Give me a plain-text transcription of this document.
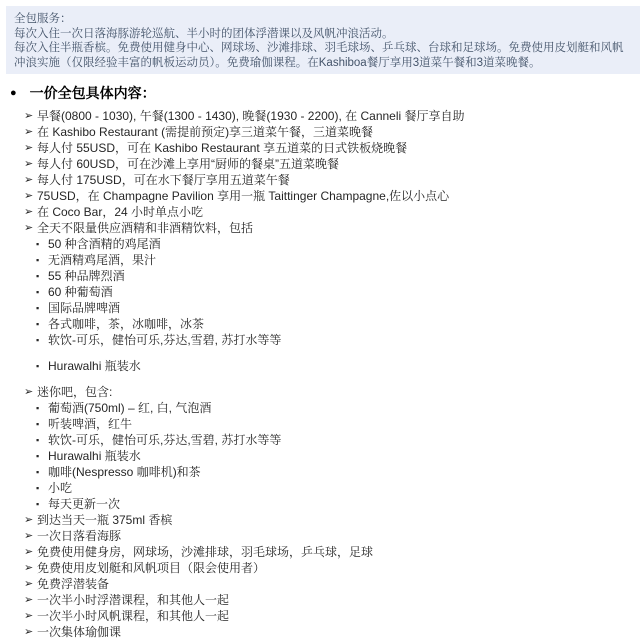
全包服务：

每次入住一次日落海豚游轮巡航、半小时的团体浮潜课以及风帆冲浪活动。

每次入住半瓶香槟。免费使用健身中心、网球场、沙滩排球、羽毛球场、乒乓球、台球和足球场。免费使用皮划艇和风帆冲浪实施（仅限经验丰富的帆板运动员）。免费瑜伽课程。在Kashiboa餐厅享用3道菜午餐和3道菜晚餐。

● 一价全包具体内容：
➢ 早餐(0800 - 1030), 午餐(1300 - 1430), 晚餐(1930 - 2200), 在 Canneli 餐厅享自助
➢ 在 Kashibo Restaurant (需提前预定)享三道菜午餐，三道菜晚餐
➢ 每人付 55USD，可在 Kashibo Restaurant 享五道菜的日式铁板烧晚餐
➢ 每人付 60USD，可在沙滩上享用“厨师的餐桌”五道菜晚餐
➢ 每人付 175USD，可在水下餐厅享用五道菜午餐
➢ 75USD，在 Champagne Pavilion 享用一瓶 Taittinger Champagne,佐以小点心
➢ 在 Coco Bar，24 小时单点小吃
➢ 全天不限量供应酒精和非酒精饮料，包括
▪ 50 种含酒精的鸡尾酒
▪ 无酒精鸡尾酒，果汁
▪ 55 种品牌烈酒
▪ 60 种葡萄酒
▪ 国际品牌啤酒
▪ 各式咖啡，茶，冰咖啡，冰茶
▪ 软饮-可乐，健怡可乐,芬达,雪碧, 苏打水等等
▪ Hurawalhi 瓶装水
➢ 迷你吧，包含:
▪ 葡萄酒(750ml) – 红, 白, 气泡酒
▪ 听装啤酒，红牛
▪ 软饮-可乐，健怡可乐,芬达,雪碧, 苏打水等等
▪ Hurawalhi 瓶装水
▪ 咖啡(Nespresso 咖啡机)和茶
▪ 小吃
▪ 每天更新一次
➢ 到达当天一瓶 375ml 香槟
➢ 一次日落看海豚
➢ 免费使用健身房，网球场，沙滩排球，羽毛球场，乒乓球，足球
➢ 免费使用皮划艇和风帆项目（限会使用者）
➢ 免费浮潜装备
➢ 一次半小时浮潜课程，和其他人一起
➢ 一次半小时风帆课程，和其他人一起
➢ 一次集体瑜伽课
